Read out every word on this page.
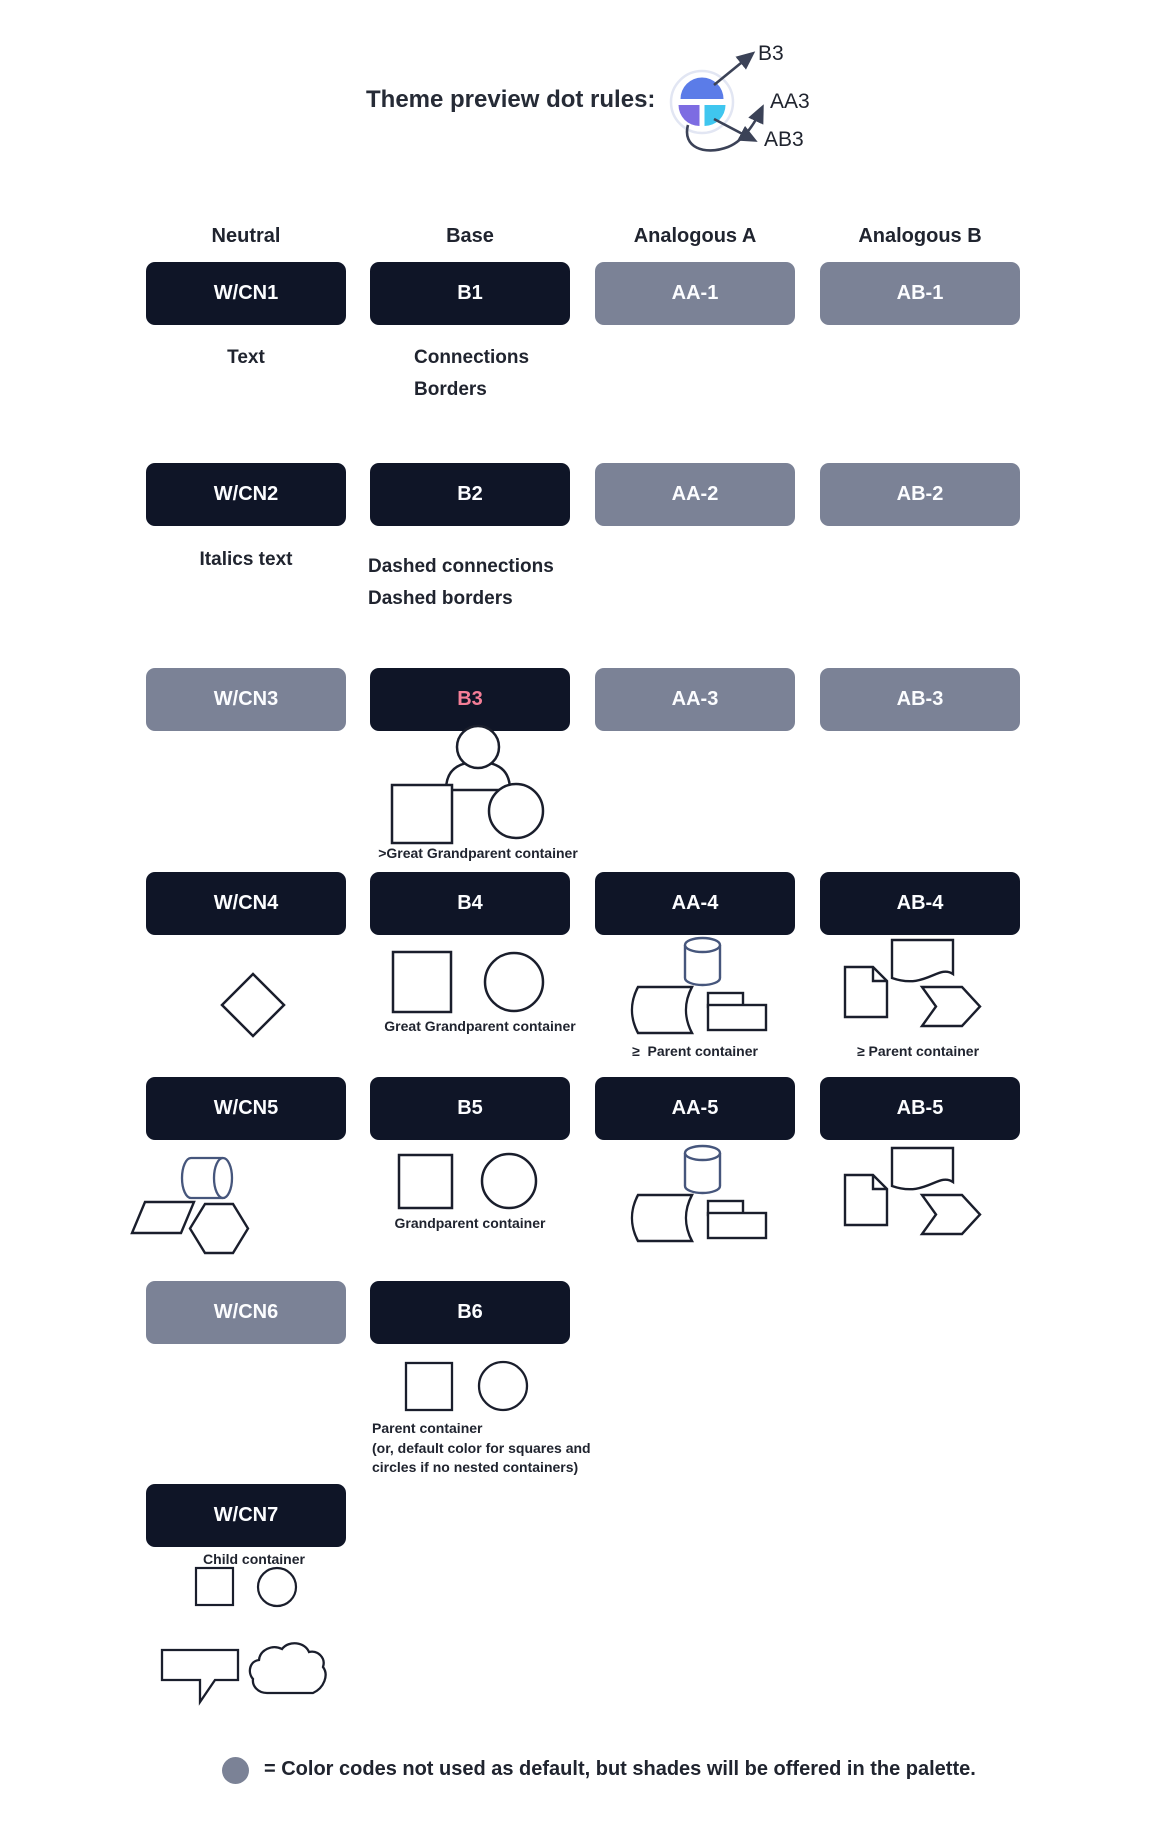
Theme preview dot rules:
B3
AA3
AB3
Neutral	Base	Analogous A	Analogous B
W/CN1	B1	AA-1	AB-1
Text	Connections
Borders
W/CN2	B2	AA-2	AB-2
Italics text	Dashed connections
Dashed borders
W/CN3	B3	AA-3	AB-3
>Great Grandparent container
W/CN4	B4	AA-4	AB-4
Great Grandparent container
≥  Parent container	≥ Parent container
W/CN5	B5	AA-5	AB-5
Grandparent container
W/CN6	B6
Parent container
(or, default color for squares and
circles if no nested containers)
W/CN7
Child container
= Color codes not used as default, but shades will be offered in the palette.
